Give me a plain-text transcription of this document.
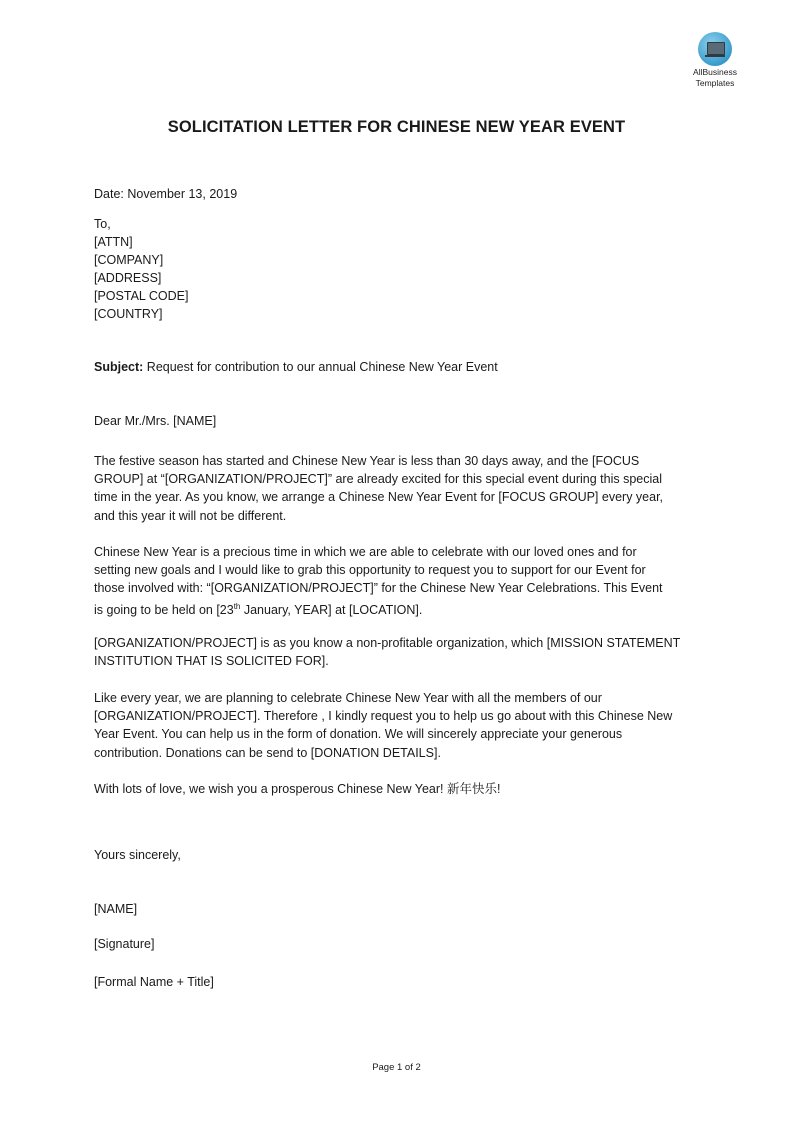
AllBusiness
Templates
SOLICITATION LETTER FOR CHINESE NEW YEAR EVENT
Date: November 13, 2019
To,
[ATTN]
[COMPANY]
[ADDRESS]
[POSTAL CODE]
[COUNTRY]
Subject: Request for contribution to our annual Chinese New Year Event
Dear Mr./Mrs. [NAME]
The festive season has started and Chinese New Year is less than 30 days away, and the [FOCUS
GROUP] at “[ORGANIZATION/PROJECT]” are already excited for this special event during this special
time in the year. As you know, we arrange a Chinese New Year Event for [FOCUS GROUP] every year,
and this year it will not be different.
Chinese New Year is a precious time in which we are able to celebrate with our loved ones and for
setting new goals and I would like to grab this opportunity to request you to support for our Event for
those involved with: “[ORGANIZATION/PROJECT]” for the Chinese New Year Celebrations. This Event
is going to be held on [23th January, YEAR] at [LOCATION].
[ORGANIZATION/PROJECT] is as you know a non-profitable organization, which [MISSION STATEMENT
INSTITUTION THAT IS SOLICITED FOR].
Like every year, we are planning to celebrate Chinese New Year with all the members of our
[ORGANIZATION/PROJECT]. Therefore , I kindly request you to help us go about with this Chinese New
Year Event. You can help us in the form of donation. We will sincerely appreciate your generous
contribution. Donations can be send to [DONATION DETAILS].
With lots of love, we wish you a prosperous Chinese New Year! 新年快乐!
Yours sincerely,
[NAME]
[Signature]
[Formal Name + Title]
Page 1 of 2
